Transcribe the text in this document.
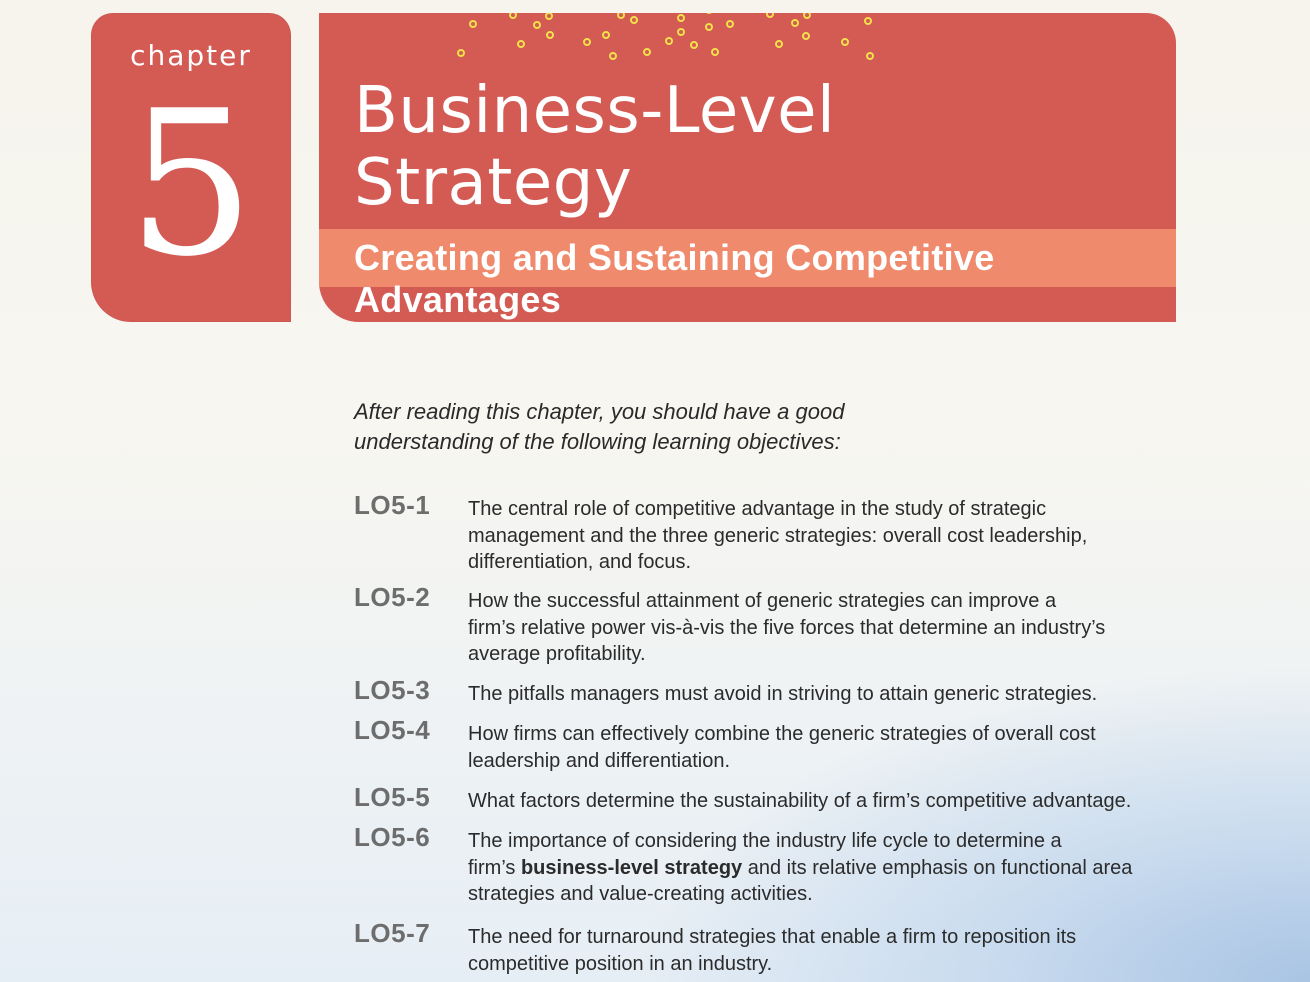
chapter
5	Business-Level
Strategy
Creating and Sustaining Competitive Advantages
After reading this chapter, you should have a good
understanding of the following learning objectives:
LO5-1 The central role of competitive advantage in the study of strategic
management and the three generic strategies: overall cost leadership,
differentiation, and focus.
LO5-2 How the successful attainment of generic strategies can improve a
firm’s relative power vis-à-vis the five forces that determine an industry’s
average profitability.
LO5-3 The pitfalls managers must avoid in striving to attain generic strategies.
LO5-4 How firms can effectively combine the generic strategies of overall cost
leadership and differentiation.
LO5-5 What factors determine the sustainability of a firm’s competitive advantage.
LO5-6 The importance of considering the industry life cycle to determine a
firm’s business-level strategy and its relative emphasis on functional area
strategies and value-creating activities.
LO5-7 The need for turnaround strategies that enable a firm to reposition its
competitive position in an industry.
